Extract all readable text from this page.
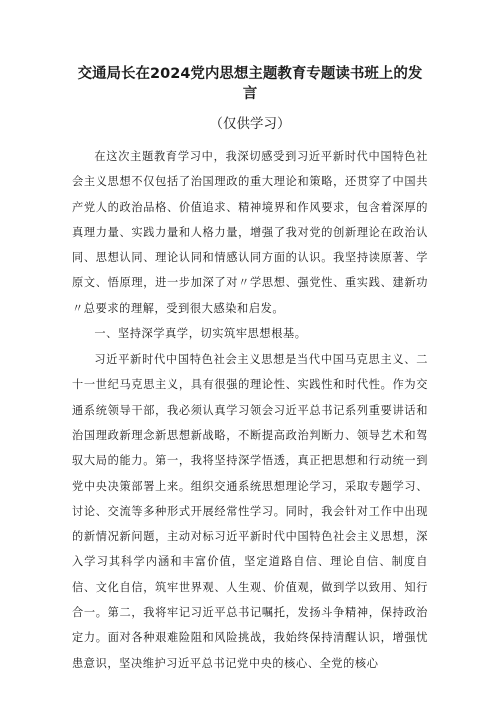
交通局长在2024党内思想主题教育专题读书班上的发言
（仅供学习）

在这次主题教育学习中，我深切感受到习近平新时代中国特色社会主义思想不仅包括了治国理政的重大理论和策略，还贯穿了中国共产党人的政治品格、价值追求、精神境界和作风要求，包含着深厚的真理力量、实践力量和人格力量，增强了我对党的创新理论在政治认同、思想认同、理论认同和情感认同方面的认识。我坚持读原著、学原文、悟原理，进一步加深了对〃学思想、强党性、重实践、建新功〃总要求的理解，受到很大感染和启发。

一、坚持深学真学，切实筑牢思想根基。

习近平新时代中国特色社会主义思想是当代中国马克思主义、二十一世纪马克思主义，具有很强的理论性、实践性和时代性。作为交通系统领导干部，我必须认真学习领会习近平总书记系列重要讲话和治国理政新理念新思想新战略，不断提高政治判断力、领导艺术和驾驭大局的能力。第一，我将坚持深学悟透，真正把思想和行动统一到党中央决策部署上来。组织交通系统思想理论学习，采取专题学习、讨论、交流等多种形式开展经常性学习。同时，我会针对工作中出现的新情况新问题，主动对标习近平新时代中国特色社会主义思想，深入学习其科学内涵和丰富价值，坚定道路自信、理论自信、制度自信、文化自信，筑牢世界观、人生观、价值观，做到学以致用、知行合一。第二，我将牢记习近平总书记嘱托，发扬斗争精神，保持政治定力。面对各种艰难险阻和风险挑战，我始终保持清醒认识，增强忧患意识，坚决维护习近平总书记党中央的核心、全党的核心
